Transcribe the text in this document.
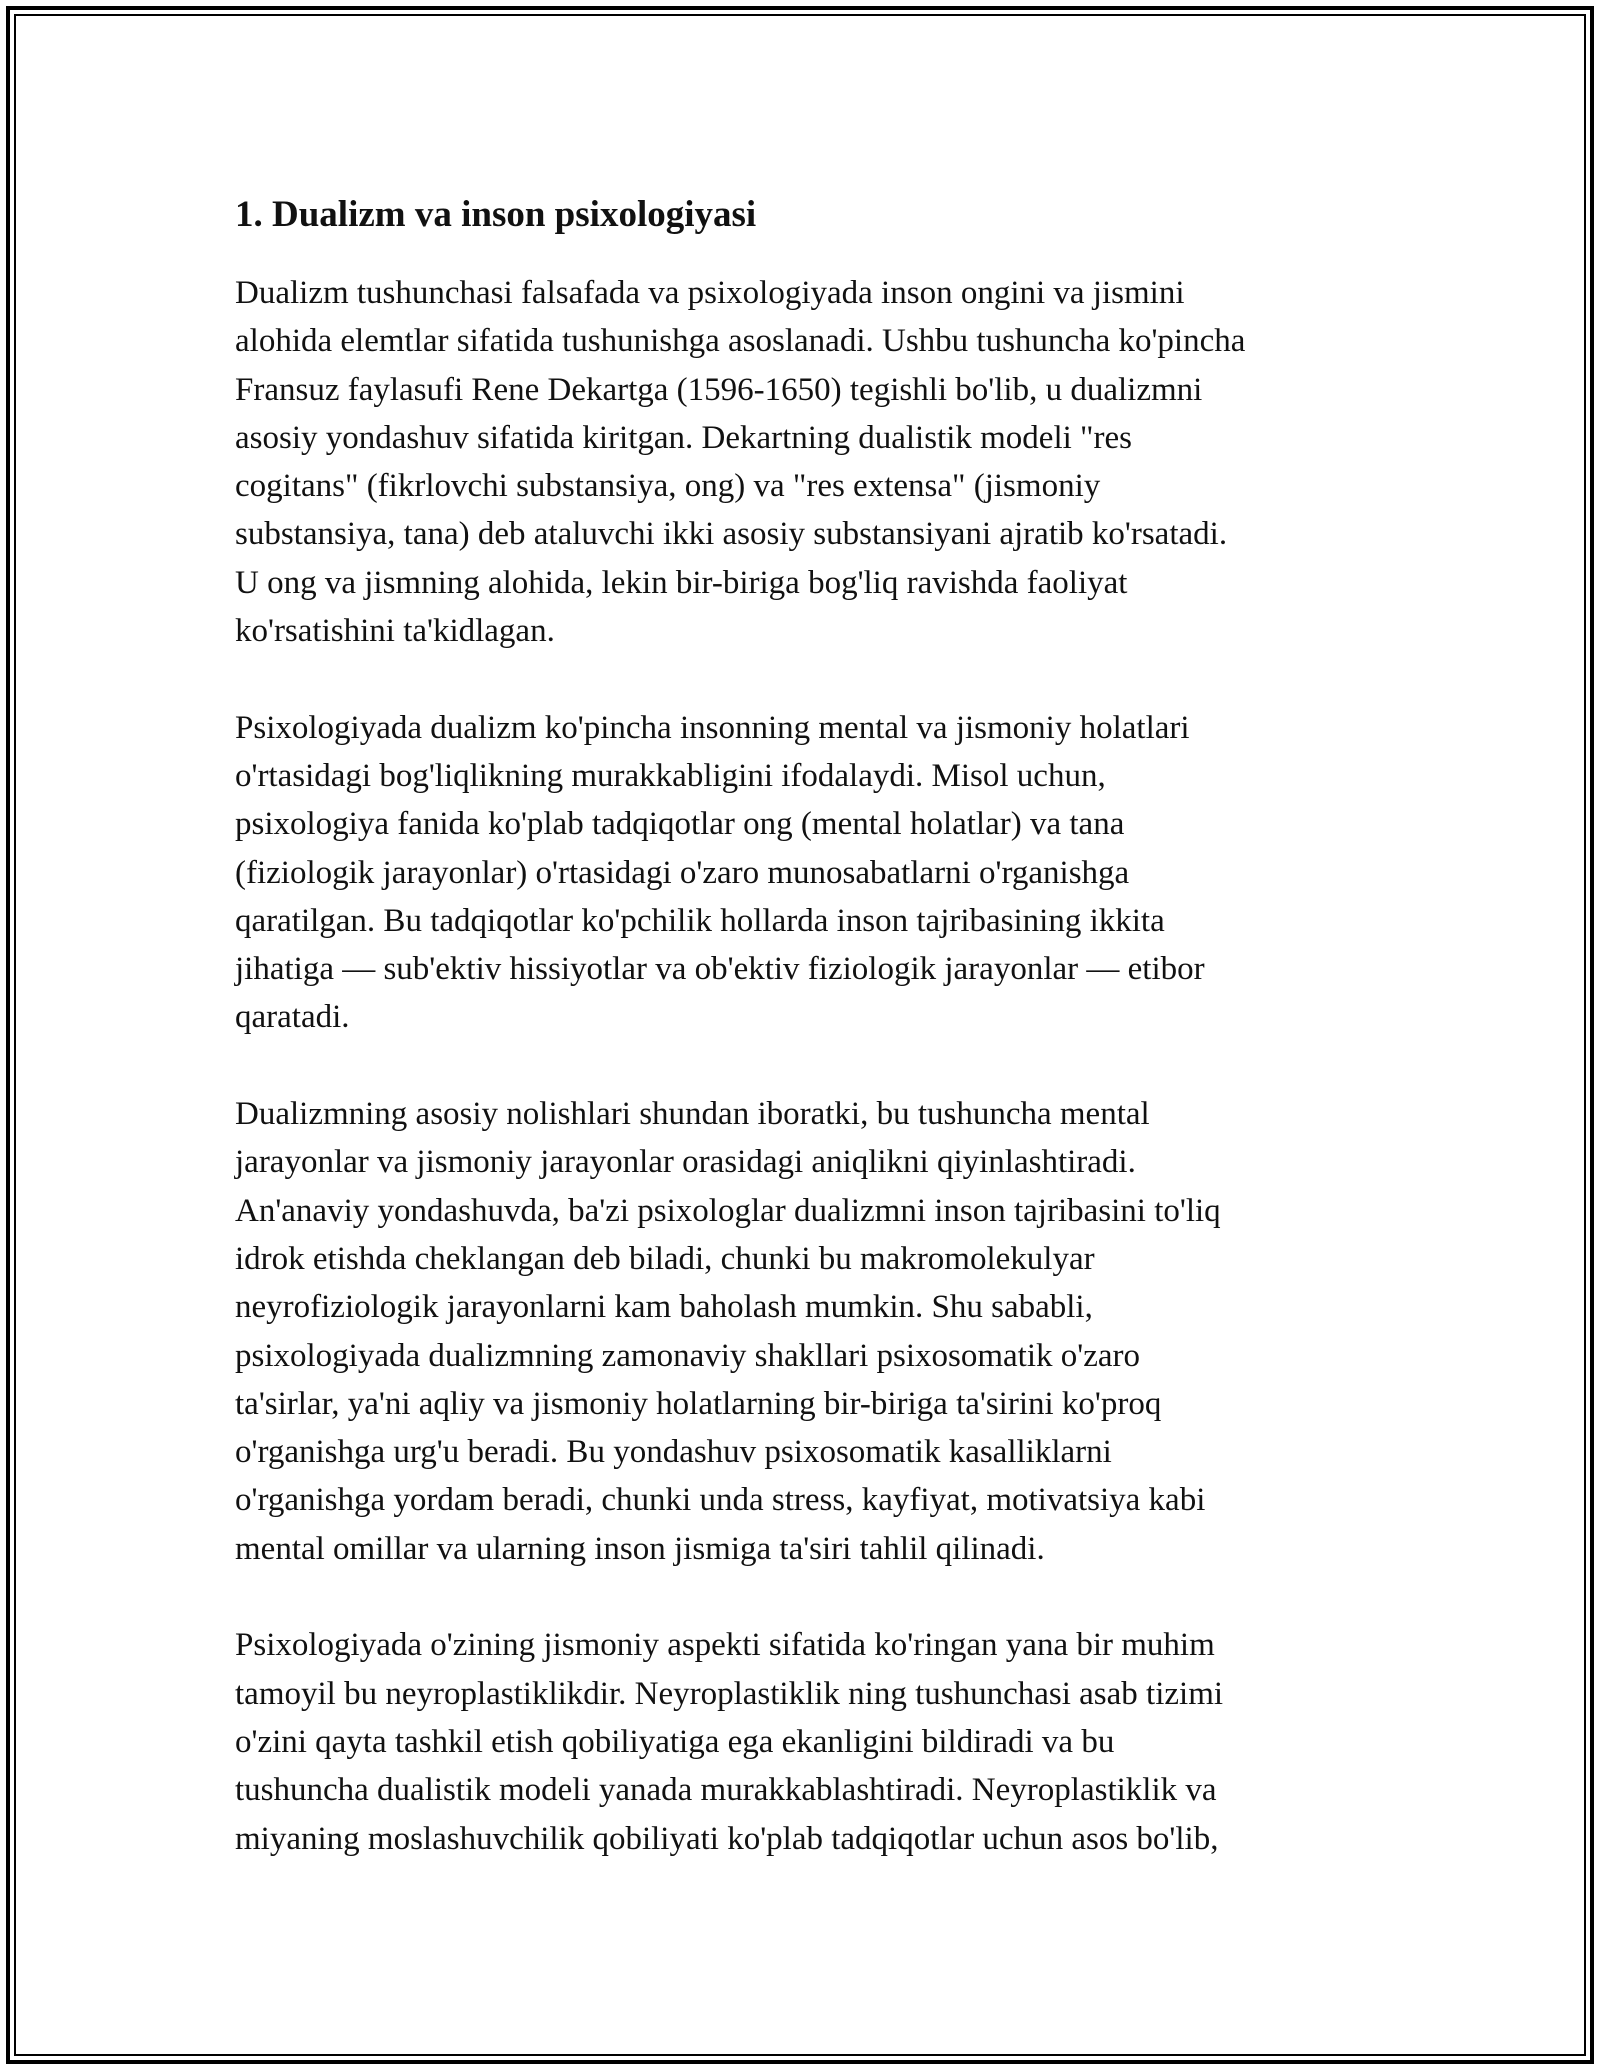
1. Dualizm va inson psixologiyasi
Dualizm tushunchasi falsafada va psixologiyada inson ongini va jismini
alohida elemtlar sifatida tushunishga asoslanadi. Ushbu tushuncha ko'pincha
Fransuz faylasufi Rene Dekartga (1596-1650) tegishli bo'lib, u dualizmni
asosiy yondashuv sifatida kiritgan. Dekartning dualistik modeli "res
cogitans" (fikrlovchi substansiya, ong) va "res extensa" (jismoniy
substansiya, tana) deb ataluvchi ikki asosiy substansiyani ajratib ko'rsatadi.
U ong va jismning alohida, lekin bir-biriga bog'liq ravishda faoliyat
ko'rsatishini ta'kidlagan.
Psixologiyada dualizm ko'pincha insonning mental va jismoniy holatlari
o'rtasidagi bog'liqlikning murakkabligini ifodalaydi. Misol uchun,
psixologiya fanida ko'plab tadqiqotlar ong (mental holatlar) va tana
(fiziologik jarayonlar) o'rtasidagi o'zaro munosabatlarni o'rganishga
qaratilgan. Bu tadqiqotlar ko'pchilik hollarda inson tajribasining ikkita
jihatiga — sub'ektiv hissiyotlar va ob'ektiv fiziologik jarayonlar — etibor
qaratadi.
Dualizmning asosiy nolishlari shundan iboratki, bu tushuncha mental
jarayonlar va jismoniy jarayonlar orasidagi aniqlikni qiyinlashtiradi.
An'anaviy yondashuvda, ba'zi psixologlar dualizmni inson tajribasini to'liq
idrok etishda cheklangan deb biladi, chunki bu makromolekulyar
neyrofiziologik jarayonlarni kam baholash mumkin. Shu sababli,
psixologiyada dualizmning zamonaviy shakllari psixosomatik o'zaro
ta'sirlar, ya'ni aqliy va jismoniy holatlarning bir-biriga ta'sirini ko'proq
o'rganishga urg'u beradi. Bu yondashuv psixosomatik kasalliklarni
o'rganishga yordam beradi, chunki unda stress, kayfiyat, motivatsiya kabi
mental omillar va ularning inson jismiga ta'siri tahlil qilinadi.
Psixologiyada o'zining jismoniy aspekti sifatida ko'ringan yana bir muhim
tamoyil bu neyroplastiklikdir. Neyroplastiklik ning tushunchasi asab tizimi
o'zini qayta tashkil etish qobiliyatiga ega ekanligini bildiradi va bu
tushuncha dualistik modeli yanada murakkablashtiradi. Neyroplastiklik va
miyaning moslashuvchilik qobiliyati ko'plab tadqiqotlar uchun asos bo'lib,
